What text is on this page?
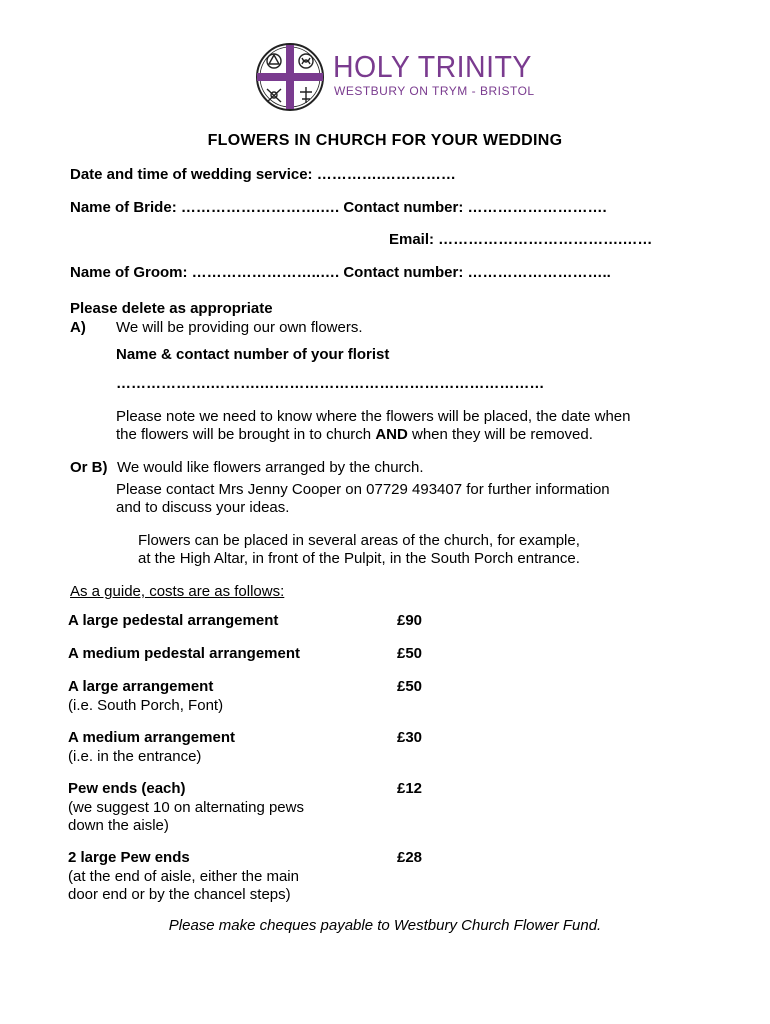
HOLY TRINITY
WESTBURY ON TRYM - BRISTOL
FLOWERS IN CHURCH FOR YOUR WEDDING
Date and time of wedding service: ………….……………
Name of Bride: ……………………….…. Contact number: ……………………….
Email: ……………………………….……
Name of Groom: ……………………..…. Contact number: ………………………..
Please delete as appropriate
A) We will be providing our own flowers.
Name & contact number of your florist
……………….……….…………………………………………………
Please note we need to know where the flowers will be placed, the date when
the flowers will be brought in to church AND when they will be removed.
Or B) We would like flowers arranged by the church.
Please contact Mrs Jenny Cooper on 07729 493407 for further information
and to discuss your ideas.
Flowers can be placed in several areas of the church, for example,
at the High Altar, in front of the Pulpit, in the South Porch entrance.
As a guide, costs are as follows:
A large pedestal arrangement	£90
A medium pedestal arrangement	£50
A large arrangement
(i.e. South Porch, Font)
£50
A medium arrangement
(i.e. in the entrance)
£30
Pew ends (each)
(we suggest 10 on alternating pews
down the aisle)
£12
2 large Pew ends
(at the end of aisle, either the main
door end or by the chancel steps)
£28
Please make cheques payable to Westbury Church Flower Fund.
